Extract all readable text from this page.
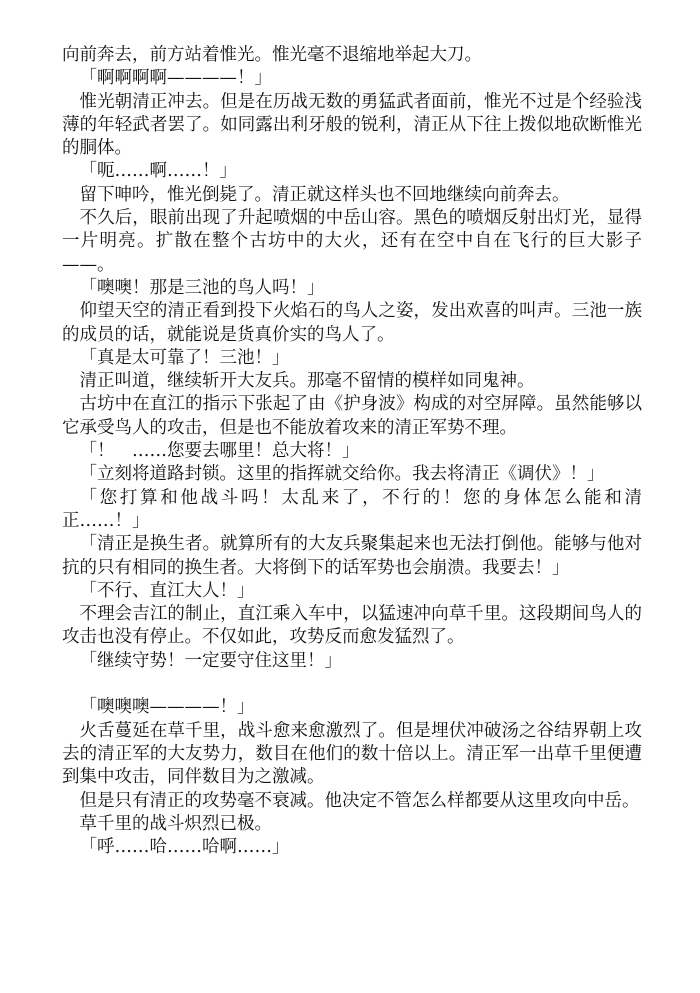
向前奔去，前方站着惟光。惟光毫不退缩地举起大刀。

「啊啊啊啊————！」

惟光朝清正冲去。但是在历战无数的勇猛武者面前，惟光不过是个经验浅薄的年轻武者罢了。如同露出利牙般的锐利，清正从下往上拨似地砍断惟光的胴体。

「呃……啊……！」

留下呻吟，惟光倒毙了。清正就这样头也不回地继续向前奔去。

不久后，眼前出现了升起喷烟的中岳山容。黑色的喷烟反射出灯光，显得一片明亮。扩散在整个古坊中的大火，还有在空中自在飞行的巨大影子——。

「噢噢！那是三池的鸟人吗！」

仰望天空的清正看到投下火焰石的鸟人之姿，发出欢喜的叫声。三池一族的成员的话，就能说是货真价实的鸟人了。

「真是太可靠了！三池！」

清正叫道，继续斩开大友兵。那毫不留情的模样如同鬼神。

古坊中在直江的指示下张起了由《护身波》构成的对空屏障。虽然能够以它承受鸟人的攻击，但是也不能放着攻来的清正军势不理。

「！　……您要去哪里！总大将！」

「立刻将道路封锁。这里的指挥就交给你。我去将清正《调伏》！」

「您打算和他战斗吗！太乱来了，不行的！您的身体怎么能和清正……！」

「清正是换生者。就算所有的大友兵聚集起来也无法打倒他。能够与他对抗的只有相同的换生者。大将倒下的话军势也会崩溃。我要去！」

「不行、直江大人！」

不理会吉江的制止，直江乘入车中，以猛速冲向草千里。这段期间鸟人的攻击也没有停止。不仅如此，攻势反而愈发猛烈了。

「继续守势！一定要守住这里！」

「噢噢噢————！」

火舌蔓延在草千里，战斗愈来愈激烈了。但是埋伏冲破汤之谷结界朝上攻去的清正军的大友势力，数目在他们的数十倍以上。清正军一出草千里便遭到集中攻击，同伴数目为之激减。

但是只有清正的攻势毫不衰减。他决定不管怎么样都要从这里攻向中岳。

草千里的战斗炽烈已极。

「呼……哈……哈啊……」
